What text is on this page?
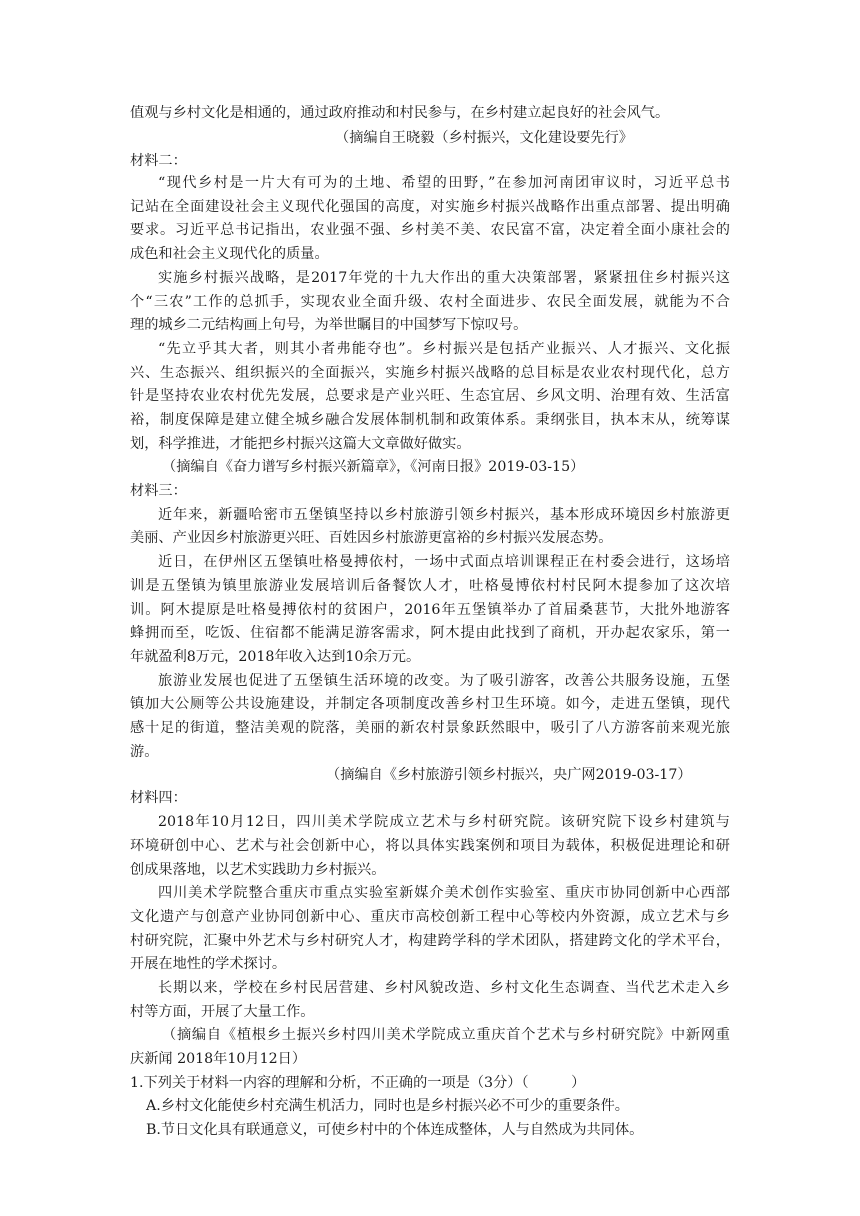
值观与乡村文化是相通的，通过政府推动和村民参与，在乡村建立起良好的社会风气。
（摘编自王晓毅（乡村振兴，文化建设要先行》
材料二：
“现代乡村是一片大有可为的土地、希望的田野，”在参加河南团审议时，习近平总书
记站在全面建设社会主义现代化强国的高度，对实施乡村振兴战略作出重点部署、提出明确
要求。习近平总书记指出，农业强不强、乡村美不美、农民富不富，决定着全面小康社会的
成色和社会主义现代化的质量。
实施乡村振兴战略，是2017年党的十九大作出的重大决策部署，紧紧扭住乡村振兴这
个“三农”工作的总抓手，实现农业全面升级、农村全面进步、农民全面发展，就能为不合
理的城乡二元结构画上句号，为举世瞩目的中国梦写下惊叹号。
“先立乎其大者，则其小者弗能夺也”。乡村振兴是包括产业振兴、人才振兴、文化振
兴、生态振兴、组织振兴的全面振兴，实施乡村振兴战略的总目标是农业农村现代化，总方
针是坚持农业农村优先发展，总要求是产业兴旺、生态宜居、乡风文明、治理有效、生活富
裕，制度保障是建立健全城乡融合发展体制机制和政策体系。秉纲张目，执本末从，统筹谋
划，科学推进，才能把乡村振兴这篇大文章做好做实。
（摘编自《奋力谱写乡村振兴新篇章》，《河南日报》2019-03-15）
材料三：
近年来，新疆哈密市五堡镇坚持以乡村旅游引领乡村振兴，基本形成环境因乡村旅游更
美丽、产业因乡村旅游更兴旺、百姓因乡村旅游更富裕的乡村振兴发展态势。
近日，在伊州区五堡镇吐格曼搏依村，一场中式面点培训课程正在村委会进行，这场培
训是五堡镇为镇里旅游业发展培训后备餐饮人才，吐格曼博依村村民阿木提参加了这次培
训。阿木提原是吐格曼搏依村的贫困户，2016年五堡镇举办了首届桑葚节，大批外地游客
蜂拥而至，吃饭、住宿都不能满足游客需求，阿木提由此找到了商机，开办起农家乐，第一
年就盈利8万元，2018年收入达到10余万元。
旅游业发展也促进了五堡镇生活环境的改变。为了吸引游客，改善公共服务设施，五堡
镇加大公厕等公共设施建设，并制定各项制度改善乡村卫生环境。如今，走进五堡镇，现代
感十足的街道，整洁美观的院落，美丽的新农村景象跃然眼中，吸引了八方游客前来观光旅
游。
（摘编自《乡村旅游引领乡村振兴，央广网2019-03-17）
材料四：
2018年10月12日，四川美术学院成立艺术与乡村研究院。该研究院下设乡村建筑与
环境研创中心、艺术与社会创新中心，将以具体实践案例和项目为载体，积极促进理论和研
创成果落地，以艺术实践助力乡村振兴。
四川美术学院整合重庆市重点实验室新媒介美术创作实验室、重庆市协同创新中心西部
文化遗产与创意产业协同创新中心、重庆市高校创新工程中心等校内外资源，成立艺术与乡
村研究院，汇聚中外艺术与乡村研究人才，构建跨学科的学术团队，搭建跨文化的学术平台，
开展在地性的学术探讨。
长期以来，学校在乡村民居营建、乡村风貌改造、乡村文化生态调查、当代艺术走入乡
村等方面，开展了大量工作。
（摘编自《植根乡土振兴乡村四川美术学院成立重庆首个艺术与乡村研究院》中新网重
庆新闻 2018年10月12日）
1.下列关于材料一内容的理解和分析，不正确的一项是（3分）（　　　）
A.乡村文化能使乡村充满生机活力，同时也是乡村振兴必不可少的重要条件。
B.节日文化具有联通意义，可使乡村中的个体连成整体，人与自然成为共同体。
